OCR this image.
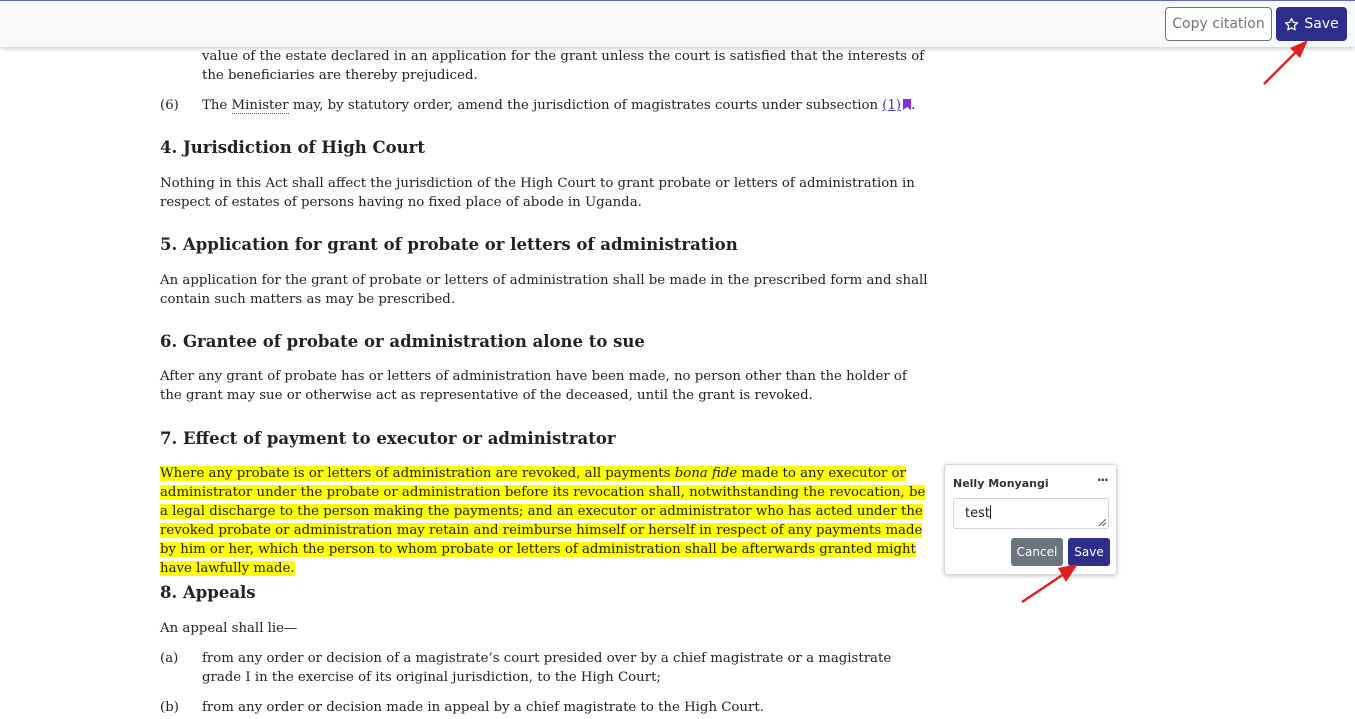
Copy citation	Save
value of the estate declared in an application for the grant unless the court is satisfied that the interests of the beneficiaries are thereby prejudiced.
(6) The Minister may, by statutory order, amend the jurisdiction of magistrates courts under subsection (1) .
4. Jurisdiction of High Court
Nothing in this Act shall affect the jurisdiction of the High Court to grant probate or letters of administration in respect of estates of persons having no fixed place of abode in Uganda.
5. Application for grant of probate or letters of administration
An application for the grant of probate or letters of administration shall be made in the prescribed form and shall contain such matters as may be prescribed.
6. Grantee of probate or administration alone to sue
After any grant of probate has or letters of administration have been made, no person other than the holder of the grant may sue or otherwise act as representative of the deceased, until the grant is revoked.
7. Effect of payment to executor or administrator
Where any probate is or letters of administration are revoked, all payments bona fide made to any executor or administrator under the probate or administration before its revocation shall, notwithstanding the revocation, be a legal discharge to the person making the payments; and an executor or administrator who has acted under the revoked probate or administration may retain and reimburse himself or herself in respect of any payments made by him or her, which the person to whom probate or letters of administration shall be afterwards granted might have lawfully made.
8. Appeals
An appeal shall lie—
(a) from any order or decision of a magistrate’s court presided over by a chief magistrate or a magistrate grade I in the exercise of its original jurisdiction, to the High Court;
(b) from any order or decision made in appeal by a chief magistrate to the High Court.
Nelly Monyangi	···
test
Cancel	Save
